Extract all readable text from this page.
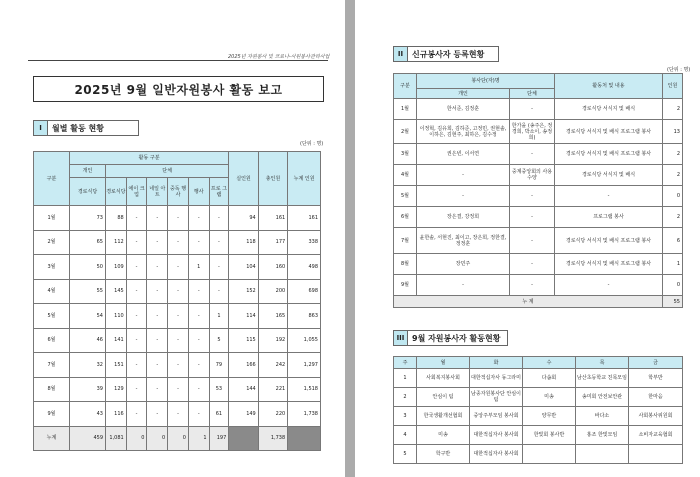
2025년 자원봉사 및 코로나-사원봉사관리사업
2025년 9월 일반자원봉사 활동 보고
I	월별 활동 현황
(단위 : 명)
구분	활동 구분							실인원	총인원	누계 인원
	개인	단체								
	경로식당	경로식당	에이 크업	네일 아트	중독 행사	행사	프로 그램			
1월	73	88	-	-	-	-	-	94	161	161
2월	65	112	-	-	-	-	-	118	177	338
3월	50	109	-	-	-	1	-	104	160	498
4월	55	145	-	-	-	-	-	152	200	698
5월	54	110	-	-	-	-	1	114	165	863
6월	46	141	-	-	-	-	5	115	192	1,055
7월	32	151	-	-	-	-	79	166	242	1,297
8월	39	129	-	-	-	-	53	144	221	1,518
9월	43	116	-	-	-	-	61	149	220	1,738
누계	459	1,081	0	0	0	1	197		1,738	
II	신규봉사자 등록현황
(단위 : 명)
구분	봉사단(자)명		활동처 및 내용	인원
	개인	단체		
1월	한서준, 김정훈	-	경로식당 서식지 및 배식	2
2월	이정혁, 김유희, 김하준, 고정민, 권현솔, 이하은, 김현주, 최하은, 김수정	한가을 (송주은, 정경희, 박소이, 송정희)	경로식당 서식지 및 배식 프로그램 봉사	13
3월	권은빈, 이서연	-	경로식당 서식지 및 배식 프로그램 봉사	2
4월	-	중계중앙회의 사용수양	경로식당 서식지 및 배식	2
5월	-	-	-	0
6월	장은결, 강정희	-	프로그램 봉사	2
7월	윤한솔, 서현진, 최이고, 장은희, 정한결, 정정훈	-	경로식당 서식지 및 배식 프로그램 봉사	6
8월	장민주	-	경로식당 서식지 및 배식 프로그램 봉사	1
9월	-	-	-	0
누 계				55
III 9월 자원봉사자 활동현황
주	월	화	수	목	금
1	사회복지봉사회	대한적십자사 동그라미	다솜회	남산초등학교 친목모임	학부반
2	안심이 팀	남종자원봉사단 안심이 팀	미송	송미회 안전보안관	한마음
3	한국생활개선협회	중앙주부모임 봉사회	양무반	바다소	사회봉사위원회
4	미송	대한적십자사 봉사회	한빛회 봉사반	홍조 한빛모임	소비자교육협회
5	학구반	대한적십자사 봉사회			
